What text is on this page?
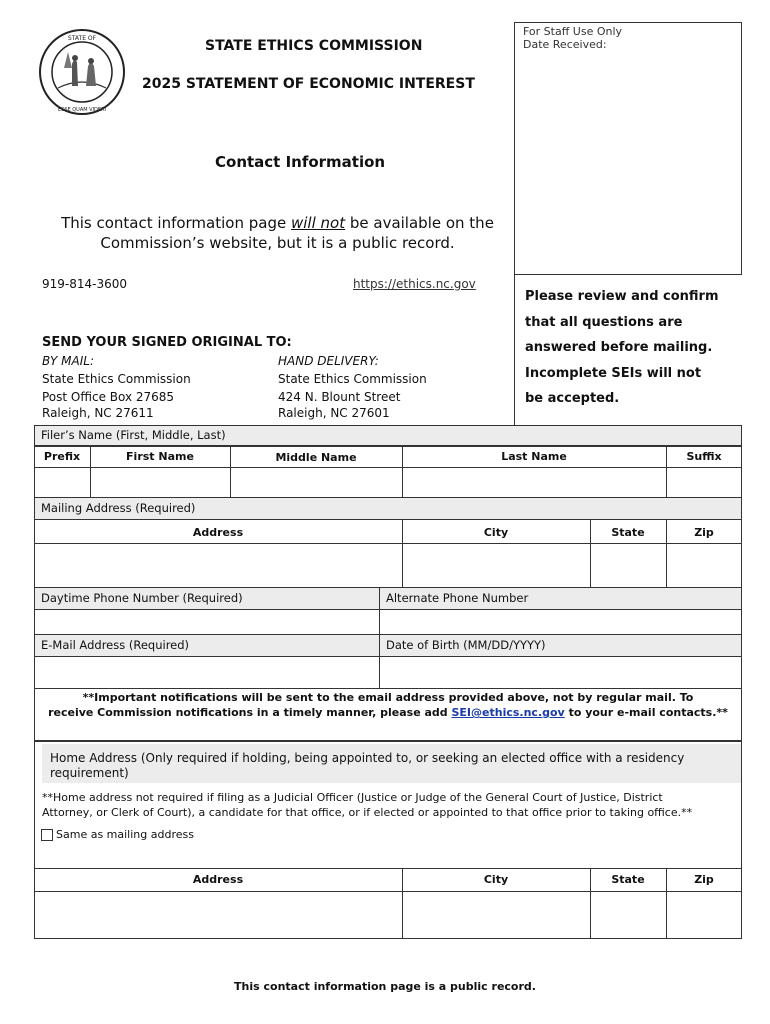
STATE OF
ESSE QUAM VIDERI
STATE ETHICS COMMISSION
2025 STATEMENT OF ECONOMIC INTEREST
Contact Information
This contact information page will not be available on the
Commission’s website, but it is a public record.
919-814-3600	https://ethics.nc.gov
For Staff Use Only
Date Received:
Please review and confirm
that all questions are
answered before mailing.
Incomplete SEIs will not
be accepted.
SEND YOUR SIGNED ORIGINAL TO:
BY MAIL:
State Ethics Commission
Post Office Box 27685
Raleigh, NC 27611
HAND DELIVERY:
State Ethics Commission
424 N. Blount Street
Raleigh, NC 27601
Filer’s Name (First, Middle, Last)
Prefix	First Name	Middle Name	Last Name	Suffix
Mailing Address (Required)
Address	City	State	Zip
Daytime Phone Number (Required)	Alternate Phone Number
E-Mail Address (Required)	Date of Birth (MM/DD/YYYY)
**Important notifications will be sent to the email address provided above, not by regular mail. To
receive Commission notifications in a timely manner, please add SEI@ethics.nc.gov to your e-mail contacts.**
Home Address (Only required if holding, being appointed to, or seeking an elected office with a residency
requirement)
**Home address not required if filing as a Judicial Officer (Justice or Judge of the General Court of Justice, District
Attorney, or Clerk of Court), a candidate for that office, or if elected or appointed to that office prior to taking office.**
Same as mailing address
Address	City	State	Zip
This contact information page is a public record.
